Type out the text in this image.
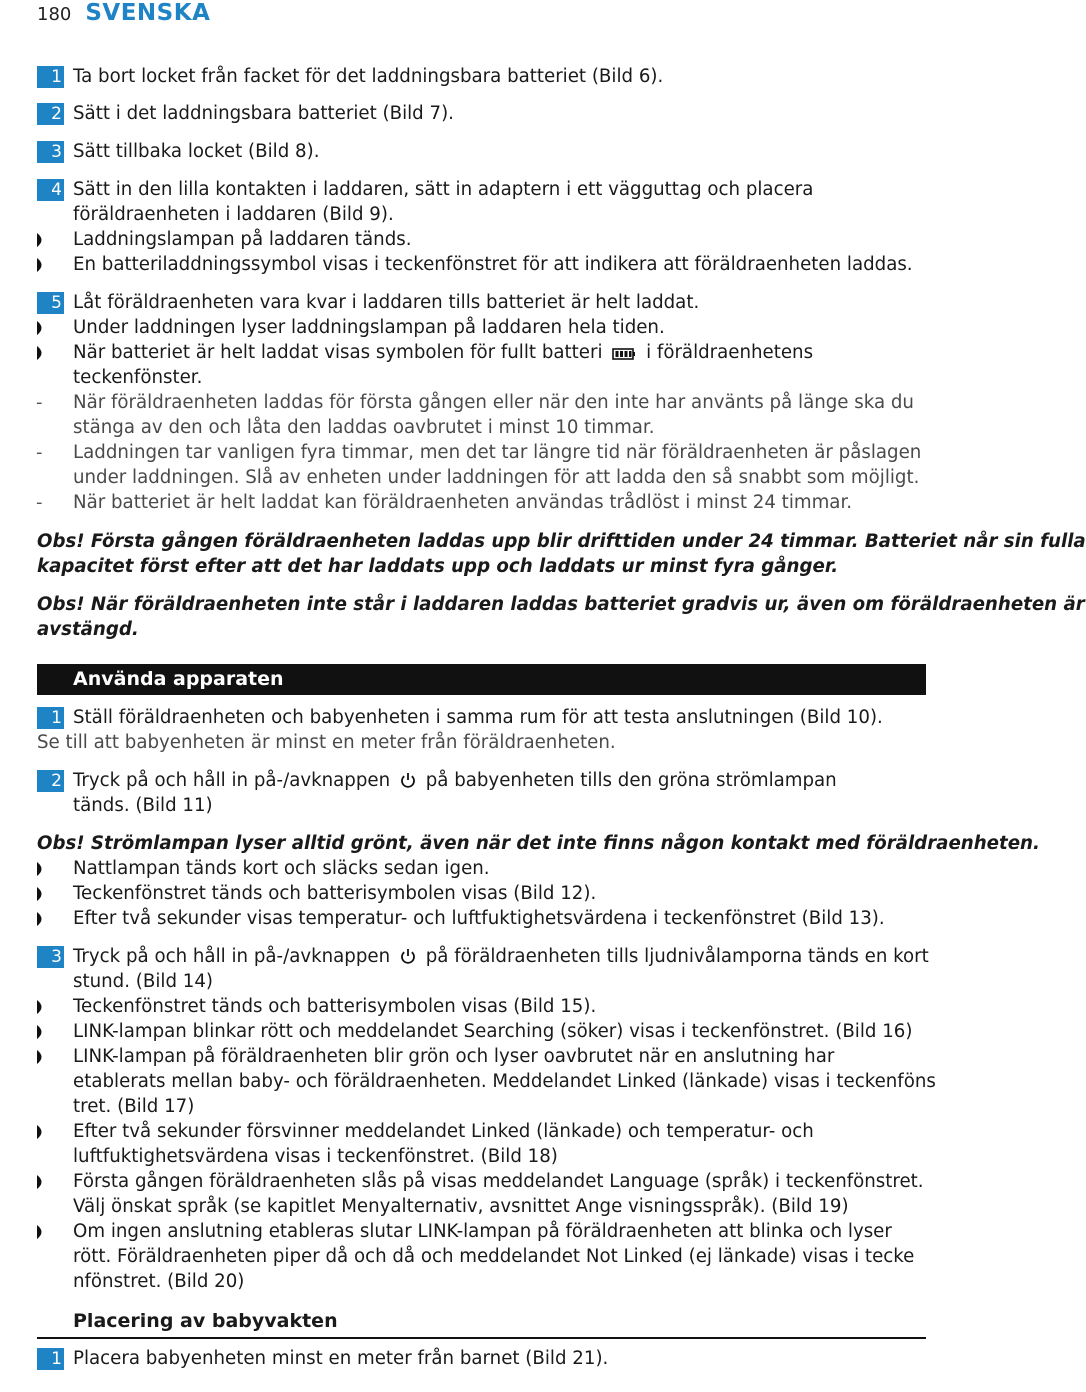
180 SVENSKA
1 Ta bort locket från facket för det laddningsbara batteriet (Bild 6).
2 Sätt i det laddningsbara batteriet (Bild 7).
3 Sätt tillbaka locket (Bild 8).
4 Sätt in den lilla kontakten i laddaren, sätt in adaptern i ett vägguttag och placera
föräldraenheten i laddaren (Bild 9).
Laddningslampan på laddaren tänds.
En batteriladdningssymbol visas i teckenfönstret för att indikera att föräldraenheten laddas.
5 Låt föräldraenheten vara kvar i laddaren tills batteriet är helt laddat.
Under laddningen lyser laddningslampan på laddaren hela tiden.
När batteriet är helt laddat visas symbolen för fullt batteri i föräldraenhetens
teckenfönster.
- När föräldraenheten laddas för första gången eller när den inte har använts på länge ska du
stänga av den och låta den laddas oavbrutet i minst 10 timmar.
- Laddningen tar vanligen fyra timmar, men det tar längre tid när föräldraenheten är påslagen
under laddningen. Slå av enheten under laddningen för att ladda den så snabbt som möjligt.
- När batteriet är helt laddat kan föräldraenheten användas trådlöst i minst 24 timmar.
Obs! Första gången föräldraenheten laddas upp blir drifttiden under 24 timmar. Batteriet når sin fulla
kapacitet först efter att det har laddats upp och laddats ur minst fyra gånger.
Obs! När föräldraenheten inte står i laddaren laddas batteriet gradvis ur, även om föräldraenheten är
avstängd.
Använda apparaten
1 Ställ föräldraenheten och babyenheten i samma rum för att testa anslutningen (Bild 10).
Se till att babyenheten är minst en meter från föräldraenheten.
2 Tryck på och håll in på-/avknappen på babyenheten tills den gröna strömlampan
tänds. (Bild 11)
Obs! Strömlampan lyser alltid grönt, även när det inte finns någon kontakt med föräldraenheten.
Nattlampan tänds kort och släcks sedan igen.
Teckenfönstret tänds och batterisymbolen visas (Bild 12).
Efter två sekunder visas temperatur- och luftfuktighetsvärdena i teckenfönstret (Bild 13).
3 Tryck på och håll in på-/avknappen på föräldraenheten tills ljudnivålamporna tänds en kort
stund. (Bild 14)
Teckenfönstret tänds och batterisymbolen visas (Bild 15).
LINK-lampan blinkar rött och meddelandet Searching (söker) visas i teckenfönstret. (Bild 16)
LINK-lampan på föräldraenheten blir grön och lyser oavbrutet när en anslutning har
etablerats mellan baby- och föräldraenheten. Meddelandet Linked (länkade) visas i teckenföns
tret. (Bild 17)
Efter två sekunder försvinner meddelandet Linked (länkade) och temperatur- och
luftfuktighetsvärdena visas i teckenfönstret. (Bild 18)
Första gången föräldraenheten slås på visas meddelandet Language (språk) i teckenfönstret.
Välj önskat språk (se kapitlet Menyalternativ, avsnittet Ange visningsspråk). (Bild 19)
Om ingen anslutning etableras slutar LINK-lampan på föräldraenheten att blinka och lyser
rött. Föräldraenheten piper då och då och meddelandet Not Linked (ej länkade) visas i tecke
nfönstret. (Bild 20)
Placering av babyvakten
1 Placera babyenheten minst en meter från barnet (Bild 21).
